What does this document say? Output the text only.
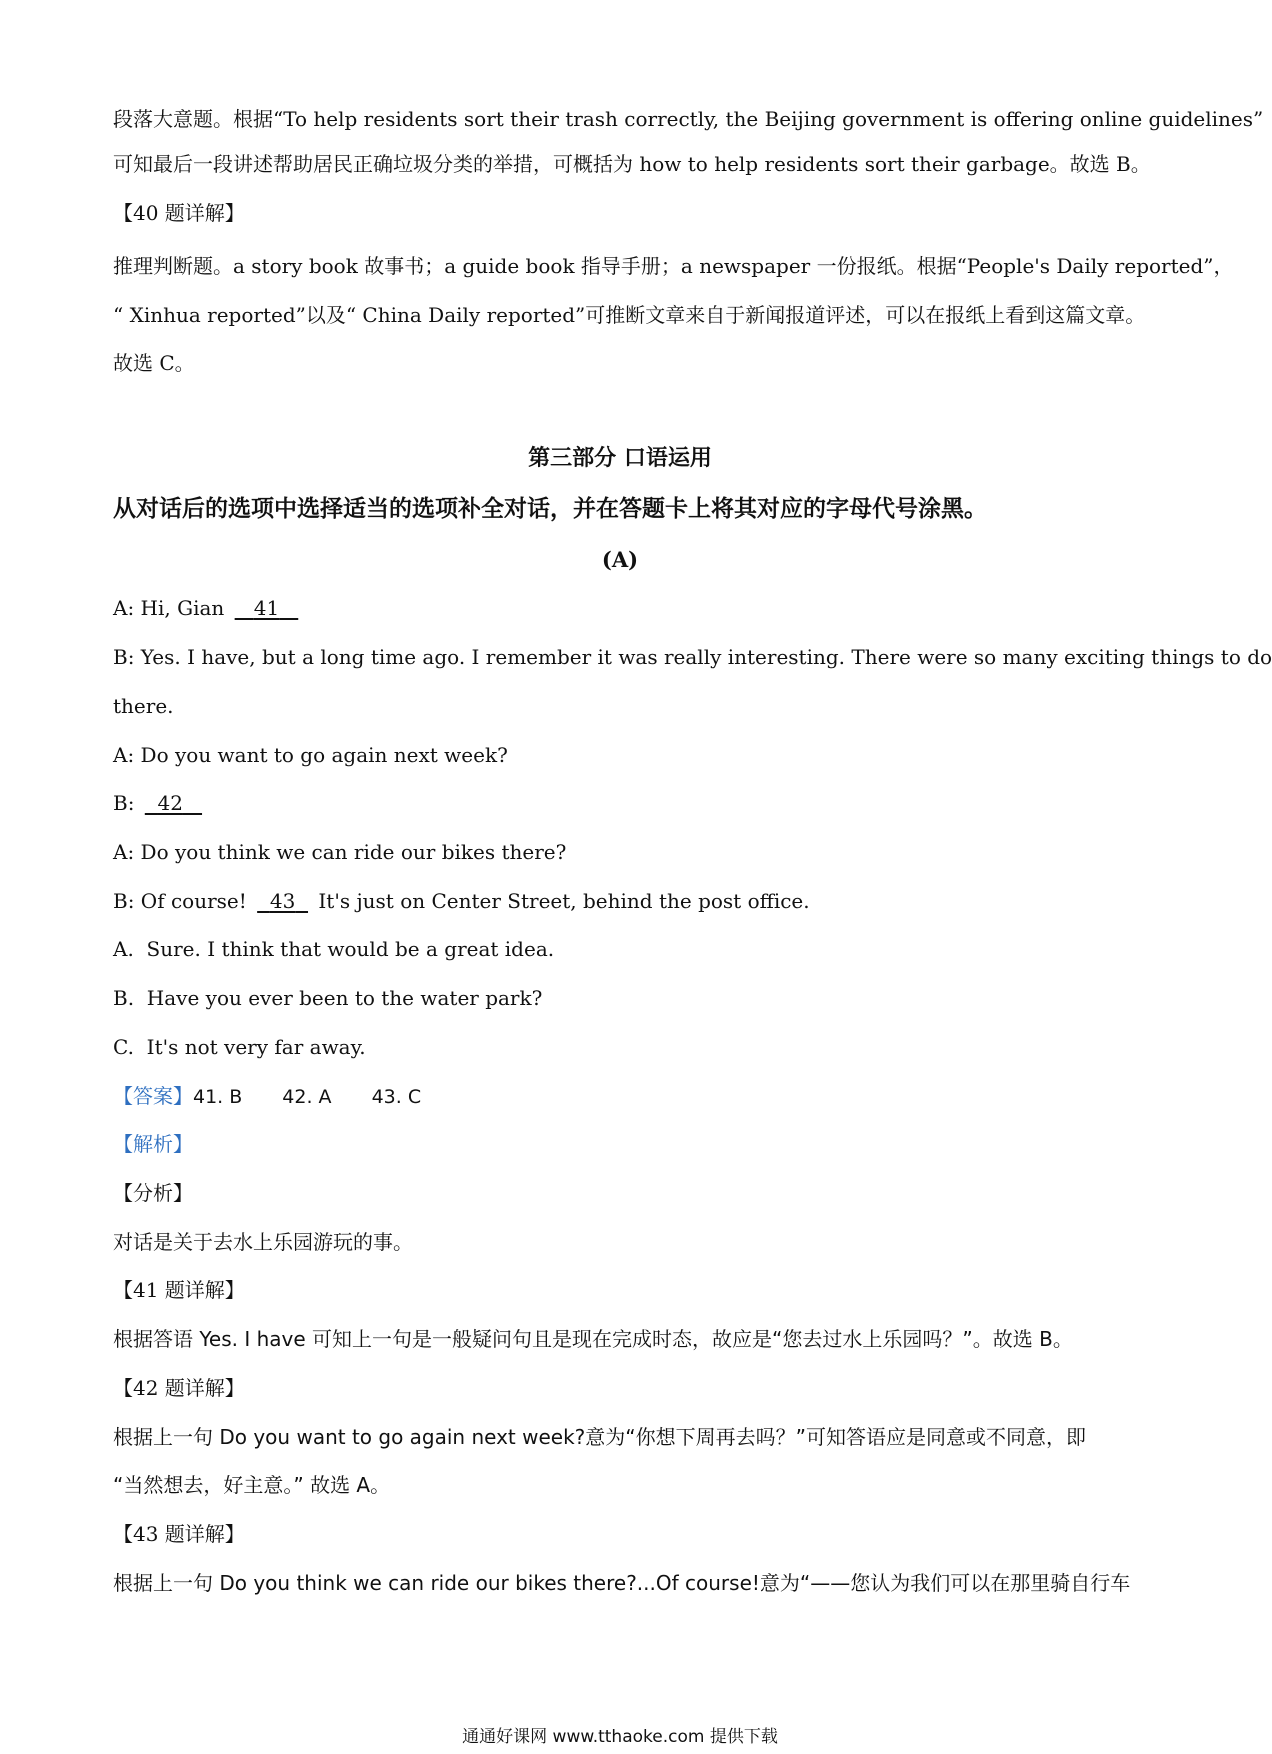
段落大意题。根据“To help residents sort their trash correctly, the Beijing government is offering online guidelines”
可知最后一段讲述帮助居民正确垃圾分类的举措，可概括为 how to help residents sort their garbage。故选 B。
【40 题详解】
推理判断题。a story book 故事书；a guide book 指导手册；a newspaper 一份报纸。根据“People's Daily reported”，
“ Xinhua reported”以及“ China Daily reported”可推断文章来自于新闻报道评述，可以在报纸上看到这篇文章。
故选 C。
第三部分 口语运用
从对话后的选项中选择适当的选项补全对话，并在答题卡上将其对应的字母代号涂黑。
(A)
A: Hi, Gian 41
B: Yes. I have, but a long time ago. I remember it was really interesting. There were so many exciting things to do
there.
A: Do you want to go again next week?
B: 42
A: Do you think we can ride our bikes there?
B: Of course! 43 It's just on Center Street, behind the post office.
A. Sure. I think that would be a great idea.
B. Have you ever been to the water park?
C. It's not very far away.
【答案】41. B 42. A 43. C
【解析】
【分析】
对话是关于去水上乐园游玩的事。
【41 题详解】
根据答语 Yes. I have 可知上一句是一般疑问句且是现在完成时态，故应是“您去过水上乐园吗？”。故选 B。
【42 题详解】
根据上一句 Do you want to go again next week?意为“你想下周再去吗？”可知答语应是同意或不同意，即
“当然想去，好主意。” 故选 A。
【43 题详解】
根据上一句 Do you think we can ride our bikes there?...Of course!意为“——您认为我们可以在那里骑自行车
通通好课网 www.tthaoke.com 提供下载
